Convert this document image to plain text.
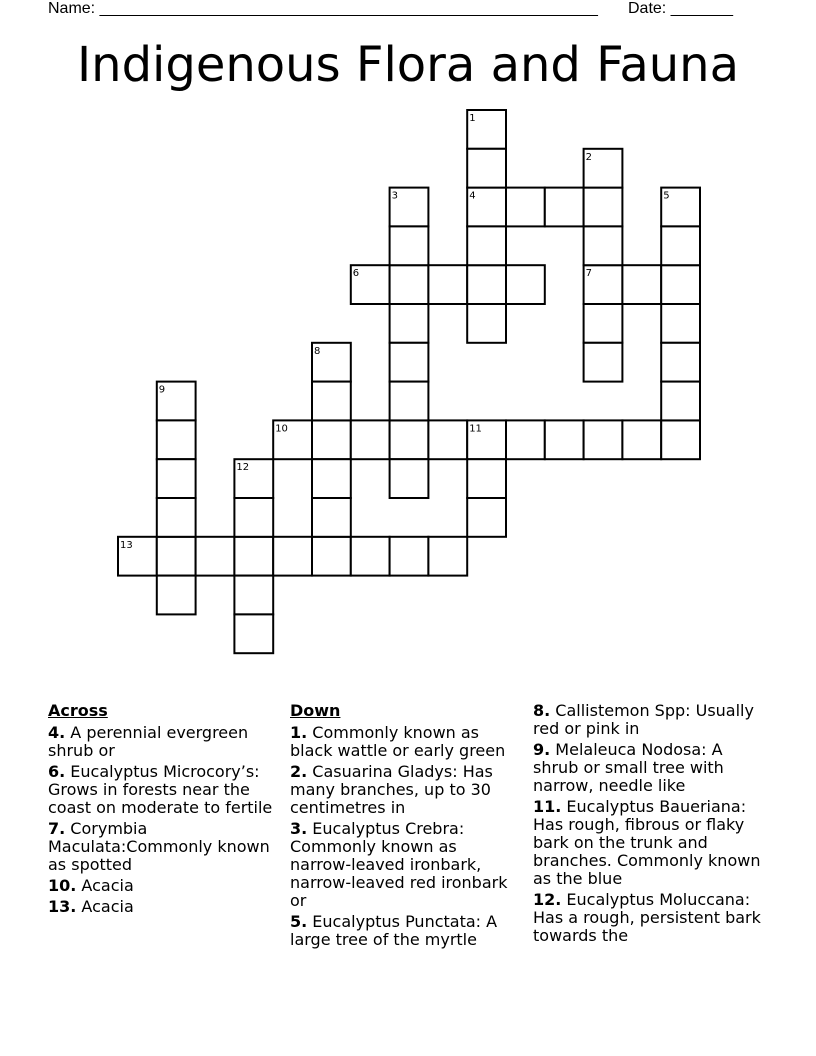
Name: ________________________________________________________ Date: _______
Indigenous Flora and Fauna
1
2
3	4	5
6	7
8
9
10	11
12
13
Across
4. A perennial evergreen shrub or
6. Eucalyptus Microcory’s: Grows in forests near the coast on moderate to fertile
7. Corymbia Maculata:Commonly known as spotted
10. Acacia
13. Acacia
Down
1. Commonly known as black wattle or early green
2. Casuarina Gladys: Has many branches, up to 30 centimetres in
3. Eucalyptus Crebra: Commonly known as narrow-leaved ironbark, narrow-leaved red ironbark or
5. Eucalyptus Punctata: A large tree of the myrtle
8. Callistemon Spp: Usually red or pink in
9. Melaleuca Nodosa: A shrub or small tree with narrow, needle like
11. Eucalyptus Baueriana: Has rough, fibrous or flaky bark on the trunk and branches. Commonly known as the blue
12. Eucalyptus Moluccana: Has a rough, persistent bark towards the
